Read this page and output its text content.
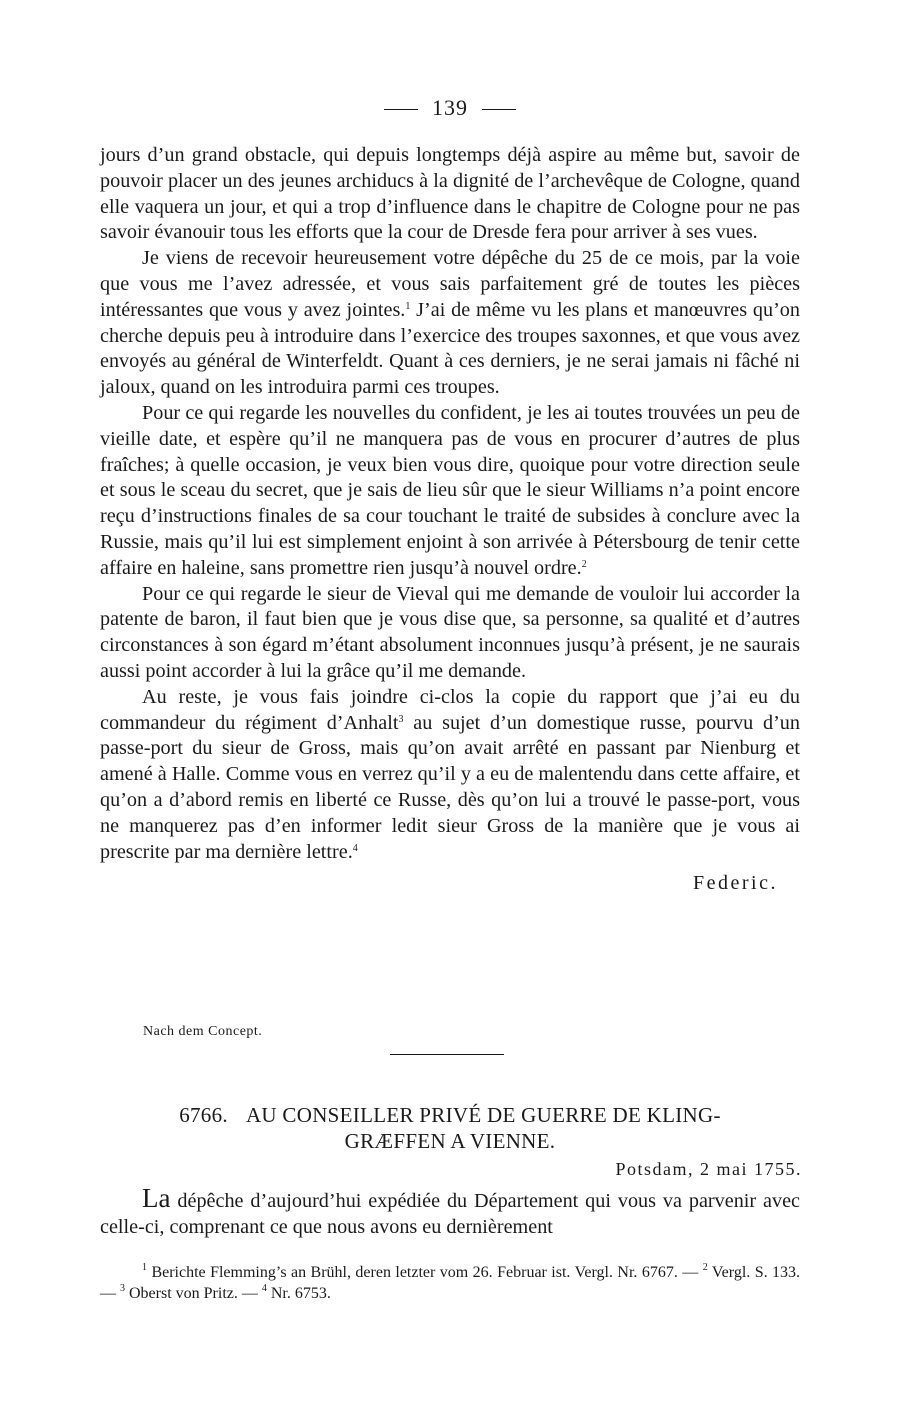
139

jours d’un grand obstacle, qui depuis longtemps déjà aspire au même but, savoir de pouvoir placer un des jeunes archiducs à la dignité de l’archevêque de Cologne, quand elle vaquera un jour, et qui a trop d’influence dans le chapitre de Cologne pour ne pas savoir évanouir tous les efforts que la cour de Dresde fera pour arriver à ses vues.

Je viens de recevoir heureusement votre dépêche du 25 de ce mois, par la voie que vous me l’avez adressée, et vous sais parfaitement gré de toutes les pièces intéressantes que vous y avez jointes.$^1$ J’ai de même vu les plans et manœuvres qu’on cherche depuis peu à introduire dans l’exercice des troupes saxonnes, et que vous avez envoyés au général de Winterfeldt. Quant à ces derniers, je ne serai jamais ni fâché ni jaloux, quand on les introduira parmi ces troupes.

Pour ce qui regarde les nouvelles du confident, je les ai toutes trouvées un peu de vieille date, et espère qu’il ne manquera pas de vous en procurer d’autres de plus fraîches; à quelle occasion, je veux bien vous dire, quoique pour votre direction seule et sous le sceau du secret, que je sais de lieu sûr que le sieur Williams n’a point encore reçu d’instructions finales de sa cour touchant le traité de subsides à conclure avec la Russie, mais qu’il lui est simplement enjoint à son arrivée à Pétersbourg de tenir cette affaire en haleine, sans promettre rien jusqu’à nouvel ordre.$^2$

Pour ce qui regarde le sieur de Vieval qui me demande de vouloir lui accorder la patente de baron, il faut bien que je vous dise que, sa personne, sa qualité et d’autres circonstances à son égard m’étant absolument inconnues jusqu’à présent, je ne saurais aussi point accorder à lui la grâce qu’il me demande.

Au reste, je vous fais joindre ci-clos la copie du rapport que j’ai eu du commandeur du régiment d’Anhalt$^3$ au sujet d’un domestique russe, pourvu d’un passe-port du sieur de Gross, mais qu’on avait arrêté en passant par Nienburg et amené à Halle. Comme vous en verrez qu’il y a eu de malentendu dans cette affaire, et qu’on a d’abord remis en liberté ce Russe, dès qu’on lui a trouvé le passe-port, vous ne manquerez pas d’en informer ledit sieur Gross de la manière que je vous ai prescrite par ma dernière lettre.$^4$

Federic.
Nach dem Concept.
6766. AU CONSEILLER PRIVÉ DE GUERRE DE KLING-GRÆFFEN A VIENNE.
Potsdam, 2 mai 1755.
La dépêche d’aujourd’hui expédiée du Département qui vous va parvenir avec celle-ci, comprenant ce que nous avons eu dernièrement

$^1$ Berichte Flemming’s an Brühl, deren letzter vom 26. Februar ist. Vergl. Nr. 6767. — $^2$ Vergl. S. 133. — $^3$ Oberst von Pritz. — $^4$ Nr. 6753.
